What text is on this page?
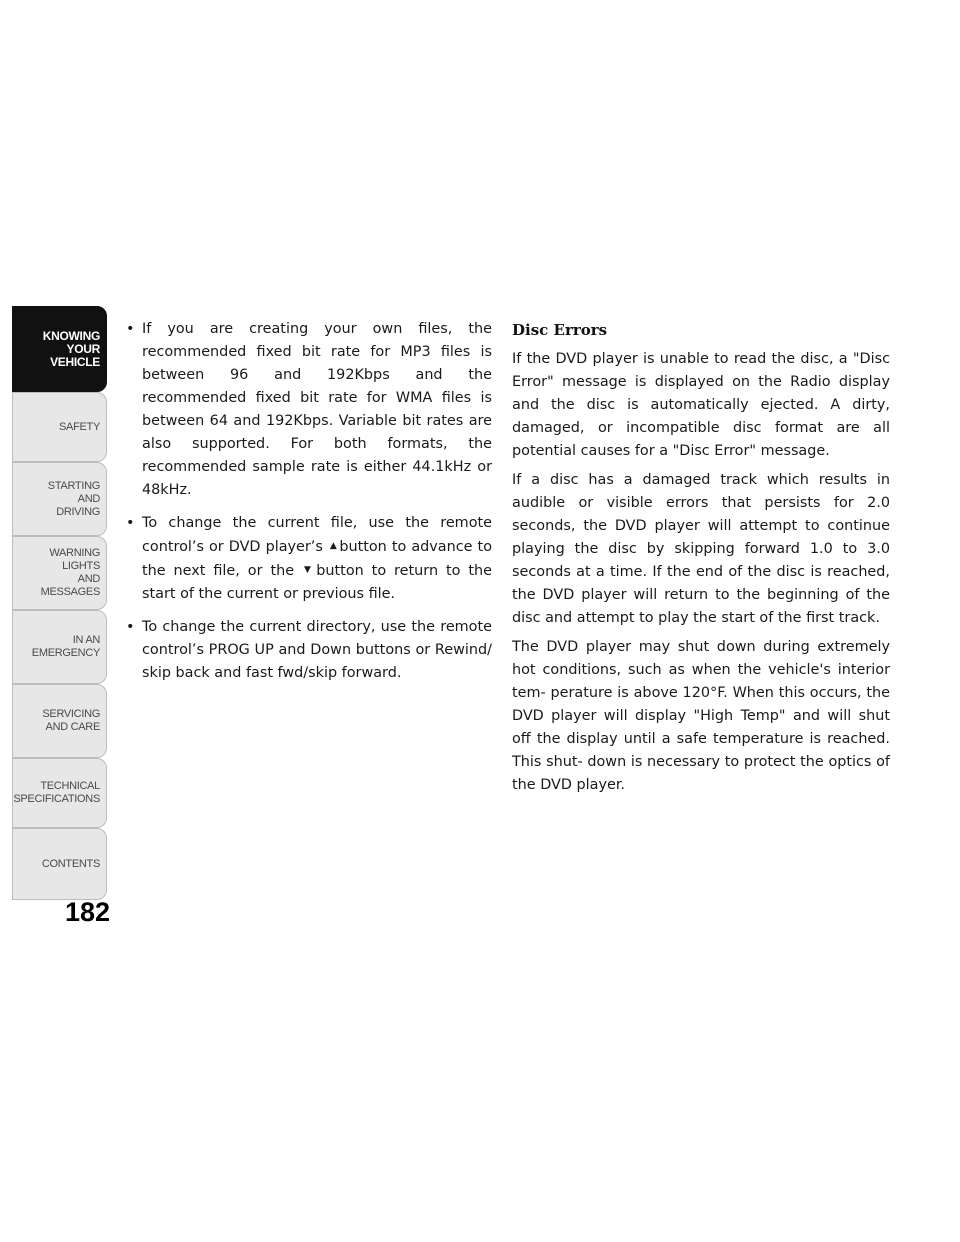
KNOWING
YOUR
VEHICLE
SAFETY
STARTING
AND
DRIVING
WARNING
LIGHTS
AND
MESSAGES
IN AN
EMERGENCY
SERVICING
AND CARE
TECHNICAL
SPECIFICATIONS
CONTENTS
182

• If you are creating your own files, the recommended fixed bit rate for MP3 files is between 96 and 192Kbps and the recommended fixed bit rate for WMA files is between 64 and 192Kbps. Variable bit rates are also supported. For both formats, the recommended sample rate is either 44.1kHz or 48kHz.

• To change the current file, use the remote control’s or DVD player’s ▲ button to advance to the next file, or the ▼ button to return to the start of the current or previous file.

• To change the current directory, use the remote control’s PROG UP and Down buttons or Rewind/ skip back and fast fwd/skip forward.

Disc Errors

If the DVD player is unable to read the disc, a "Disc Error" message is displayed on the Radio display and the disc is automatically ejected. A dirty, damaged, or incompatible disc format are all potential causes for a "Disc Error" message.

If a disc has a damaged track which results in audible or visible errors that persists for 2.0 seconds, the DVD player will attempt to continue playing the disc by skipping forward 1.0 to 3.0 seconds at a time. If the end of the disc is reached, the DVD player will return to the beginning of the disc and attempt to play the start of the first track.

The DVD player may shut down during extremely hot conditions, such as when the vehicle's interior tem- perature is above 120°F. When this occurs, the DVD player will display "High Temp" and will shut off the display until a safe temperature is reached. This shut- down is necessary to protect the optics of the DVD player.
